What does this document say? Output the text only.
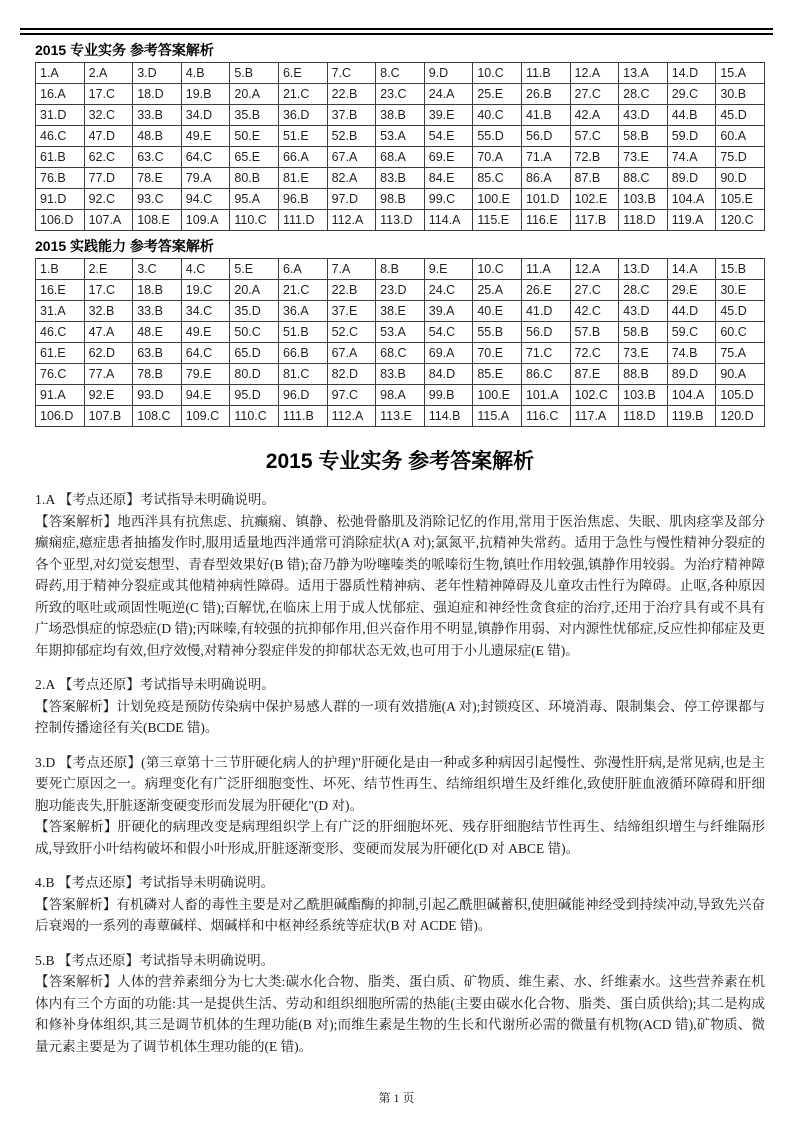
2015 专业实务 参考答案解析
1.A	2.A	3.D	4.B	5.B	6.E	7.C	8.C	9.D	10.C	11.B	12.A	13.A	14.D	15.A
16.A	17.C	18.D	19.B	20.A	21.C	22.B	23.C	24.A	25.E	26.B	27.C	28.C	29.C	30.B
31.D	32.C	33.B	34.D	35.B	36.D	37.B	38.B	39.E	40.C	41.B	42.A	43.D	44.B	45.D
46.C	47.D	48.B	49.E	50.E	51.E	52.B	53.A	54.E	55.D	56.D	57.C	58.B	59.D	60.A
61.B	62.C	63.C	64.C	65.E	66.A	67.A	68.A	69.E	70.A	71.A	72.B	73.E	74.A	75.D
76.B	77.D	78.E	79.A	80.B	81.E	82.A	83.B	84.E	85.C	86.A	87.B	88.C	89.D	90.D
91.D	92.C	93.C	94.C	95.A	96.B	97.D	98.B	99.C	100.E	101.D	102.E	103.B	104.A	105.E
106.D	107.A	108.E	109.A	110.C	111.D	112.A	113.D	114.A	115.E	116.E	117.B	118.D	119.A	120.C
2015 实践能力 参考答案解析
1.B	2.E	3.C	4.C	5.E	6.A	7.A	8.B	9.E	10.C	11.A	12.A	13.D	14.A	15.B
16.E	17.C	18.B	19.C	20.A	21.C	22.B	23.D	24.C	25.A	26.E	27.C	28.C	29.E	30.E
31.A	32.B	33.B	34.C	35.D	36.A	37.E	38.E	39.A	40.E	41.D	42.C	43.D	44.D	45.D
46.C	47.A	48.E	49.E	50.C	51.B	52.C	53.A	54.C	55.B	56.D	57.B	58.B	59.C	60.C
61.E	62.D	63.B	64.C	65.D	66.B	67.A	68.C	69.A	70.E	71.C	72.C	73.E	74.B	75.A
76.C	77.A	78.B	79.E	80.D	81.C	82.D	83.B	84.D	85.E	86.C	87.E	88.B	89.D	90.A
91.A	92.E	93.D	94.E	95.D	96.D	97.C	98.A	99.B	100.E	101.A	102.C	103.B	104.A	105.D
106.D	107.B	108.C	109.C	110.C	111.B	112.A	113.E	114.B	115.A	116.C	117.A	118.D	119.B	120.D
2015 专业实务 参考答案解析

1.A 【考点还原】考试指导未明确说明。

【答案解析】地西泮具有抗焦虑、抗癫痫、镇静、松弛骨骼肌及消除记忆的作用,常用于医治焦虑、失眠、肌肉痉挛及部分癫痫症,癔症患者抽搐发作时,服用适量地西泮通常可消除症状(A 对);氯氮平,抗精神失常药。适用于急性与慢性精神分裂症的各个亚型,对幻觉妄想型、青春型效果好(B 错);奋乃静为吩噻嗪类的哌嗪衍生物,镇吐作用较强,镇静作用较弱。为治疗精神障碍药,用于精神分裂症或其他精神病性障碍。适用于器质性精神病、老年性精神障碍及儿童攻击性行为障碍。止呕,各种原因所致的呕吐或顽固性呃逆(C 错);百解忧,在临床上用于成人忧郁症、强迫症和神经性贪食症的治疗,还用于治疗具有或不具有广场恐惧症的惊恐症(D 错);丙咪嗪,有较强的抗抑郁作用,但兴奋作用不明显,镇静作用弱、对内源性忧郁症,反应性抑郁症及更年期抑郁症均有效,但疗效慢,对精神分裂症伴发的抑郁状态无效,也可用于小儿遗尿症(E 错)。

2.A 【考点还原】考试指导未明确说明。

【答案解析】计划免疫是预防传染病中保护易感人群的一项有效措施(A 对);封锁疫区、环境消毒、限制集会、停工停课都与控制传播途径有关(BCDE 错)。

3.D 【考点还原】(第三章第十三节肝硬化病人的护理)"肝硬化是由一种或多种病因引起慢性、弥漫性肝病,是常见病,也是主要死亡原因之一。病理变化有广泛肝细胞变性、坏死、结节性再生、结缔组织增生及纤维化,致使肝脏血液循环障碍和肝细胞功能丧失,肝脏逐渐变硬变形而发展为肝硬化"(D 对)。

【答案解析】肝硬化的病理改变是病理组织学上有广泛的肝细胞坏死、残存肝细胞结节性再生、结缔组织增生与纤维隔形成,导致肝小叶结构破坏和假小叶形成,肝脏逐渐变形、变硬而发展为肝硬化(D 对 ABCE 错)。

4.B 【考点还原】考试指导未明确说明。

【答案解析】有机磷对人畜的毒性主要是对乙酰胆碱酯酶的抑制,引起乙酰胆碱蓄积,使胆碱能神经受到持续冲动,导致先兴奋后衰竭的一系列的毒蕈碱样、烟碱样和中枢神经系统等症状(B 对 ACDE 错)。

5.B 【考点还原】考试指导未明确说明。

【答案解析】人体的营养素细分为七大类:碳水化合物、脂类、蛋白质、矿物质、维生素、水、纤维素水。这些营养素在机体内有三个方面的功能:其一是提供生活、劳动和组织细胞所需的热能(主要由碳水化合物、脂类、蛋白质供给);其二是构成和修补身体组织,其三是调节机体的生理功能(B 对);而维生素是生物的生长和代谢所必需的微量有机物(ACD 错),矿物质、微量元素主要是为了调节机体生理功能的(E 错)。

第 1 页
